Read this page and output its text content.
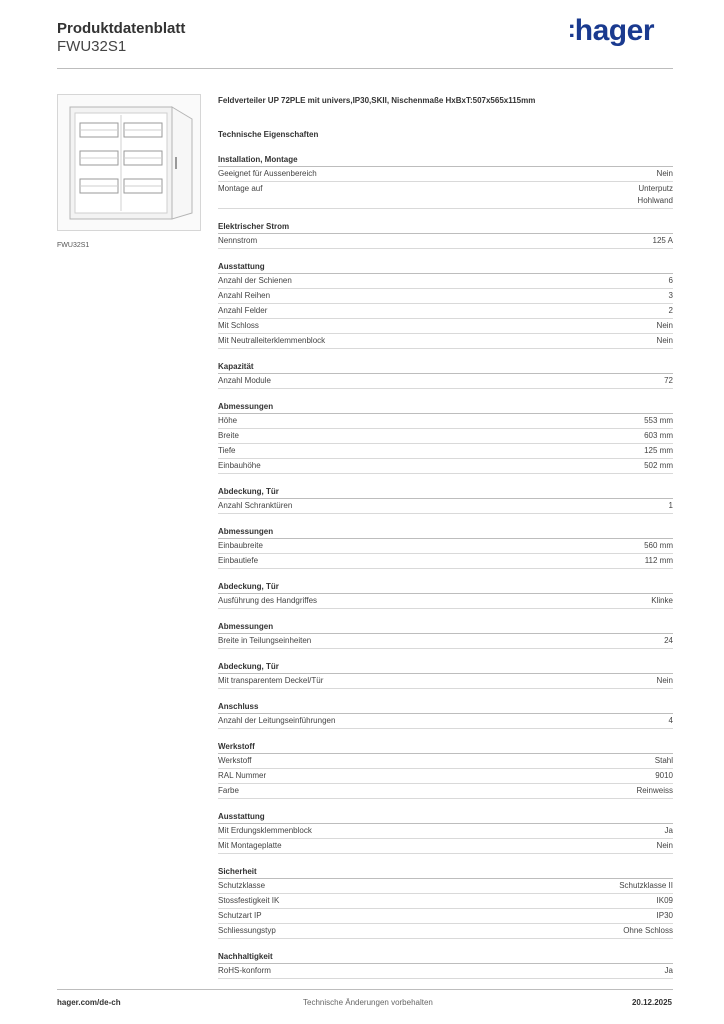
Produktdatenblatt
FWU32S1
:hager
FWU32S1
Feldverteiler UP 72PLE mit univers,IP30,SKII, Nischenmaße HxBxT:507x565x115mm
Technische Eigenschaften
Installation, Montage
Geeignet für Aussenbereich	Nein
Montage auf	Unterputz
Hohlwand
Elektrischer Strom
Nennstrom	125 A
Ausstattung
Anzahl der Schienen	6
Anzahl Reihen	3
Anzahl Felder	2
Mit Schloss	Nein
Mit Neutralleiterklemmenblock	Nein
Kapazität
Anzahl Module	72
Abmessungen
Höhe	553 mm
Breite	603 mm
Tiefe	125 mm
Einbauhöhe	502 mm
Abdeckung, Tür
Anzahl Schranktüren	1
Abmessungen
Einbaubreite	560 mm
Einbautiefe	112 mm
Abdeckung, Tür
Ausführung des Handgriffes	Klinke
Abmessungen
Breite in Teilungseinheiten	24
Abdeckung, Tür
Mit transparentem Deckel/Tür	Nein
Anschluss
Anzahl der Leitungseinführungen	4
Werkstoff
Werkstoff	Stahl
RAL Nummer	9010
Farbe	Reinweiss
Ausstattung
Mit Erdungsklemmenblock	Ja
Mit Montageplatte	Nein
Sicherheit
Schutzklasse	Schutzklasse II
Stossfestigkeit IK	IK09
Schutzart IP	IP30
Schliessungstyp	Ohne Schloss
Nachhaltigkeit
RoHS-konform	Ja
hager.com/de-ch	Technische Änderungen vorbehalten	20.12.2025
